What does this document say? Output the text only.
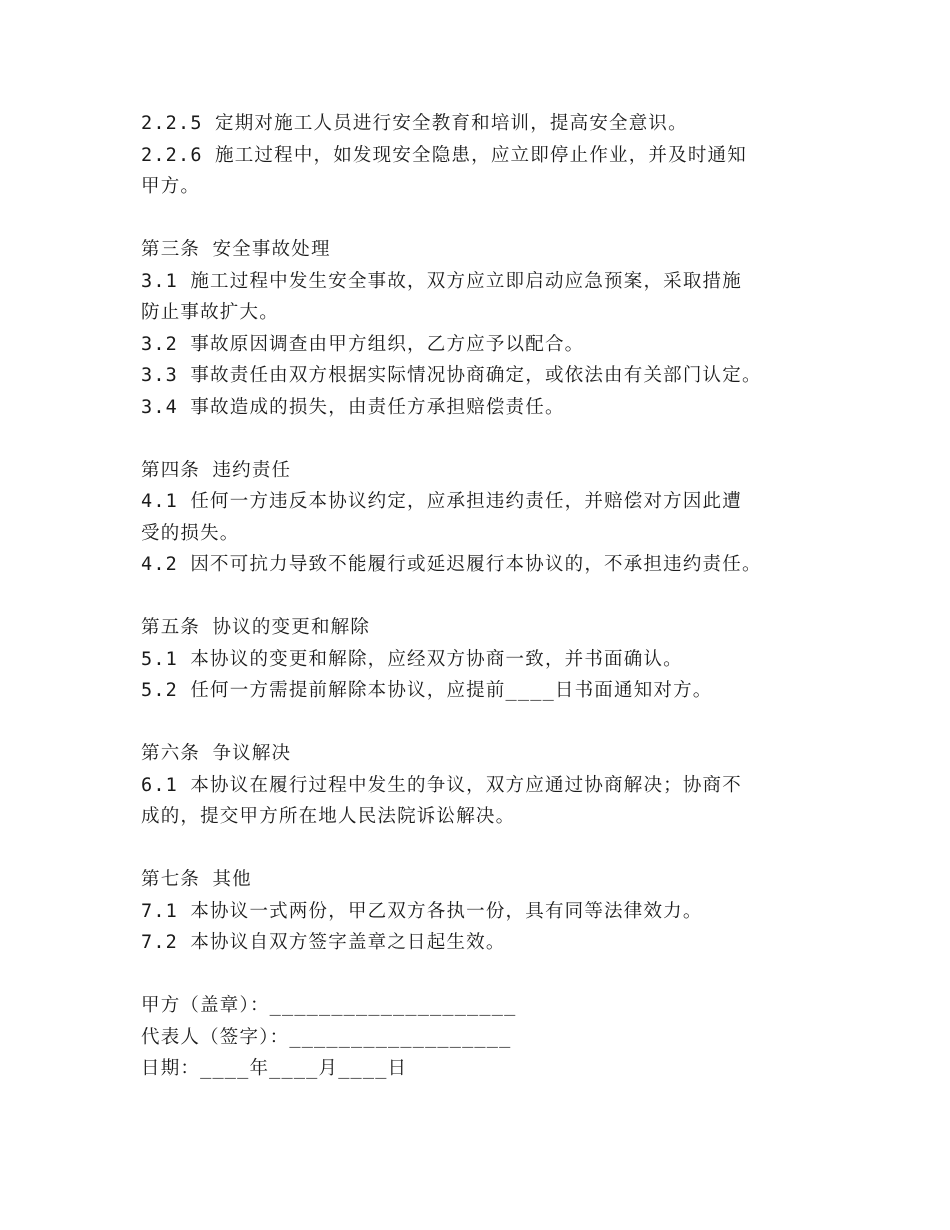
2.2.5 定期对施工人员进行安全教育和培训，提高安全意识。
2.2.6 施工过程中，如发现安全隐患，应立即停止作业，并及时通知
甲方。
第三条 安全事故处理
3.1 施工过程中发生安全事故，双方应立即启动应急预案，采取措施
防止事故扩大。
3.2 事故原因调查由甲方组织，乙方应予以配合。
3.3 事故责任由双方根据实际情况协商确定，或依法由有关部门认定。
3.4 事故造成的损失，由责任方承担赔偿责任。
第四条 违约责任
4.1 任何一方违反本协议约定，应承担违约责任，并赔偿对方因此遭
受的损失。
4.2 因不可抗力导致不能履行或延迟履行本协议的，不承担违约责任。
第五条 协议的变更和解除
5.1 本协议的变更和解除，应经双方协商一致，并书面确认。
5.2 任何一方需提前解除本协议，应提前____日书面通知对方。
第六条 争议解决
6.1 本协议在履行过程中发生的争议，双方应通过协商解决；协商不
成的，提交甲方所在地人民法院诉讼解决。
第七条 其他
7.1 本协议一式两份，甲乙双方各执一份，具有同等法律效力。
7.2 本协议自双方签字盖章之日起生效。
甲方（盖章）：____________________
代表人（签字）：__________________
日期：____年____月____日
